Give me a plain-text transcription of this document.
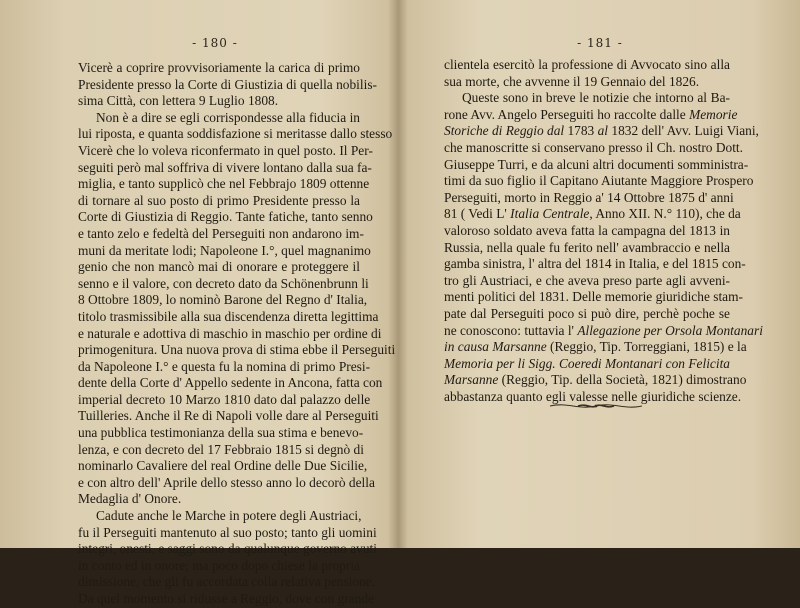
- 180 -
Vicerè a coprire provvisoriamente la carica di primo
Presidente presso la Corte di Giustizia di quella nobilis-
sima Città, con lettera 9 Luglio 1808.
Non è a dire se egli corrispondesse alla fiducia in
lui riposta, e quanta soddisfazione si meritasse dallo stesso
Vicerè che lo voleva riconfermato in quel posto. Il Per-
seguiti però mal soffriva di vivere lontano dalla sua fa-
miglia, e tanto supplicò che nel Febbrajo 1809 ottenne
di tornare al suo posto di primo Presidente presso la
Corte di Giustizia di Reggio. Tante fatiche, tanto senno
e tanto zelo e fedeltà del Perseguiti non andarono im-
muni da meritate lodi; Napoleone I.°, quel magnanimo
genio che non mancò mai di onorare e proteggere il
senno e il valore, con decreto dato da Schönenbrunn li
8 Ottobre 1809, lo nominò Barone del Regno d' Italia,
titolo trasmissibile alla sua discendenza diretta legittima
e naturale e adottiva di maschio in maschio per ordine di
primogenitura. Una nuova prova di stima ebbe il Perseguiti
da Napoleone I.° e questa fu la nomina di primo Presi-
dente della Corte d' Appello sedente in Ancona, fatta con
imperial decreto 10 Marzo 1810 dato dal palazzo delle
Tuilleries. Anche il Re di Napoli volle dare al Perseguiti
una pubblica testimonianza della sua stima e benevo-
lenza, e con decreto del 17 Febbraio 1815 si degnò di
nominarlo Cavaliere del real Ordine delle Due Sicilie,
e con altro dell' Aprile dello stesso anno lo decorò della
Medaglia d' Onore.
Cadute anche le Marche in potere degli Austriaci,
fu il Perseguiti mantenuto al suo posto; tanto gli uomini
integri, onesti, e saggi sono da qualunque governo avuti
in conto ed in onore; ma poco dopo chiese la propria
dimissione, che gli fu accordata colla relativa pensione.
Da quel momento si ridusse a Reggio, dove con grande
- 181 -
clientela esercitò la professione di Avvocato sino alla
sua morte, che avvenne il 19 Gennaio del 1826.
Queste sono in breve le notizie che intorno al Ba-
rone Avv. Angelo Perseguiti ho raccolte dalle Memorie
Storiche di Reggio dal 1783 al 1832 dell' Avv. Luigi Viani,
che manoscritte si conservano presso il Ch. nostro Dott.
Giuseppe Turri, e da alcuni altri documenti somministra-
timi da suo figlio il Capitano Aiutante Maggiore Prospero
Perseguiti, morto in Reggio a' 14 Ottobre 1875 d' anni
81 ( Vedi L' Italia Centrale, Anno XII. N.° 110), che da
valoroso soldato aveva fatta la campagna del 1813 in
Russia, nella quale fu ferito nell' avambraccio e nella
gamba sinistra, l' altra del 1814 in Italia, e del 1815 con-
tro gli Austriaci, e che aveva preso parte agli avveni-
menti politici del 1831. Delle memorie giuridiche stam-
pate dal Perseguiti poco si può dire, perchè poche se
ne conoscono: tuttavia l' Allegazione per Orsola Montanari
in causa Marsanne (Reggio, Tip. Torreggiani, 1815) e la
Memoria per li Sigg. Coeredi Montanari con Felicita
Marsanne (Reggio, Tip. della Società, 1821) dimostrano
abbastanza quanto egli valesse nelle giuridiche scienze.
